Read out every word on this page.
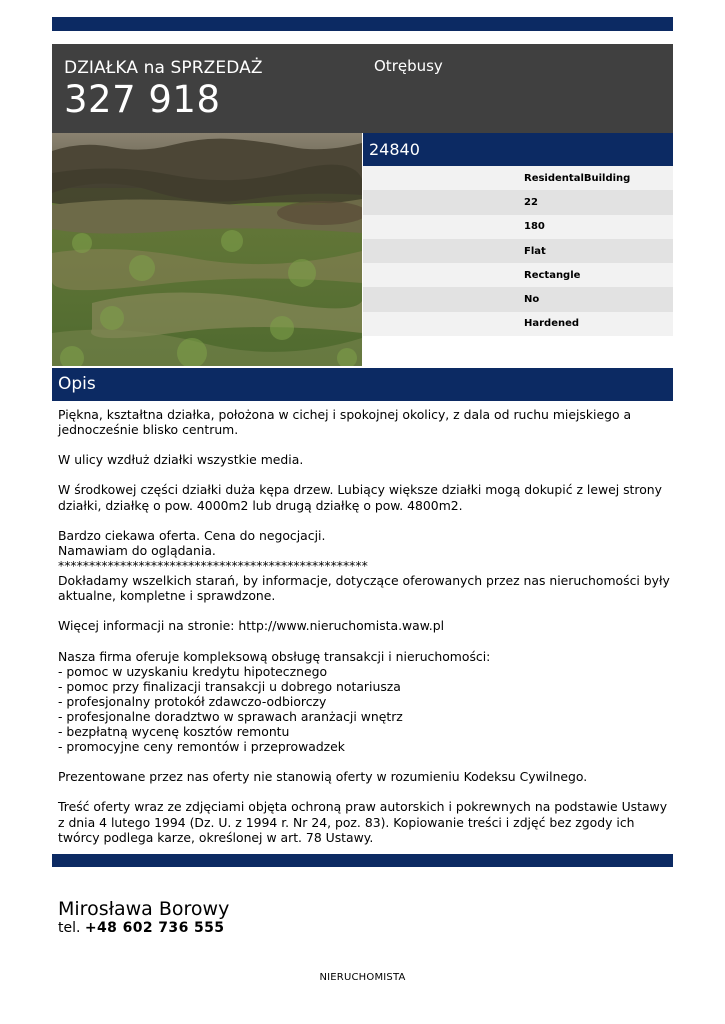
DZIAŁKA na SPRZEDAŻ
327 918
Otrębusy
24840
ResidentalBuilding
22
180
Flat
Rectangle
No
Hardened
Opis
Piękna, kształtna działka, położona w cichej i spokojnej okolicy, z dala od ruchu miejskiego a jednocześnie blisko centrum.

W ulicy wzdłuż działki wszystkie media.

W środkowej części działki duża kępa drzew. Lubiący większe działki mogą dokupić z lewej strony działki, działkę o pow. 4000m2 lub drugą działkę o pow. 4800m2.

Bardzo ciekawa oferta. Cena do negocjacji.
Namawiam do oglądania.
**************************************************
Dokładamy wszelkich starań, by informacje, dotyczące oferowanych przez nas nieruchomości były aktualne, kompletne i sprawdzone.

Więcej informacji na stronie: http://www.nieruchomista.waw.pl

Nasza firma oferuje kompleksową obsługę transakcji i nieruchomości:
- pomoc w uzyskaniu kredytu hipotecznego
- pomoc przy finalizacji transakcji u dobrego notariusza
- profesjonalny protokół zdawczo-odbiorczy
- profesjonalne doradztwo w sprawach aranżacji wnętrz
- bezpłatną wycenę kosztów remontu
- promocyjne ceny remontów i przeprowadzek

Prezentowane przez nas oferty nie stanowią oferty w rozumieniu Kodeksu Cywilnego.

Treść oferty wraz ze zdjęciami objęta ochroną praw autorskich i pokrewnych na podstawie Ustawy z dnia 4 lutego 1994 (Dz. U. z 1994 r. Nr 24, poz. 83). Kopiowanie treści i zdjęć bez zgody ich twórcy podlega karze, określonej w art. 78 Ustawy.
Mirosława Borowy
tel. +48 602 736 555
NIERUCHOMISTA
